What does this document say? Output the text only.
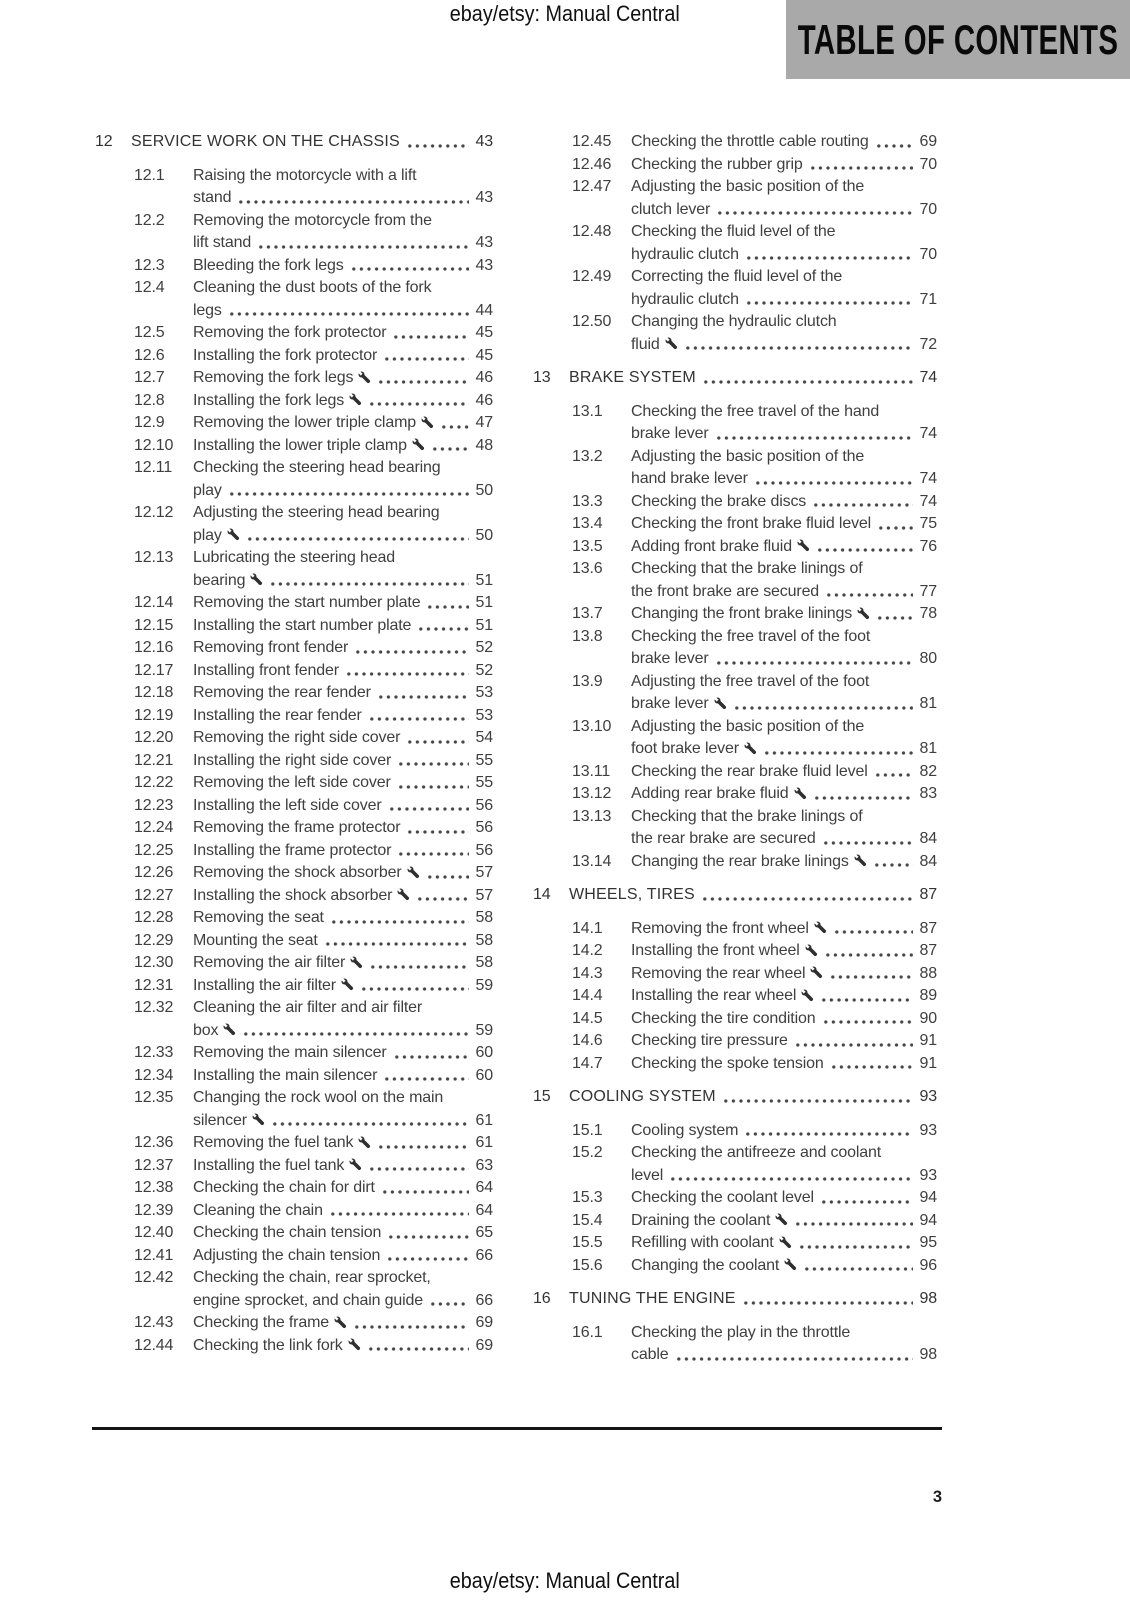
ebay/etsy: Manual Central
TABLE OF CONTENTS
12	SERVICE WORK ON THE CHASSIS	43
12.1	Raising the motorcycle with a lift
stand	43
12.2	Removing the motorcycle from the
lift stand	43
12.3	Bleeding the fork legs	43
12.4	Cleaning the dust boots of the fork
legs	44
12.5	Removing the fork protector	45
12.6	Installing the fork protector	45
12.7	Removing the fork legs	46
12.8	Installing the fork legs	46
12.9	Removing the lower triple clamp	47
12.10	Installing the lower triple clamp	48
12.11	Checking the steering head bearing
play	50
12.12	Adjusting the steering head bearing
play	50
12.13	Lubricating the steering head
bearing	51
12.14	Removing the start number plate	51
12.15	Installing the start number plate	51
12.16	Removing front fender	52
12.17	Installing front fender	52
12.18	Removing the rear fender	53
12.19	Installing the rear fender	53
12.20	Removing the right side cover	54
12.21	Installing the right side cover	55
12.22	Removing the left side cover	55
12.23	Installing the left side cover	56
12.24	Removing the frame protector	56
12.25	Installing the frame protector	56
12.26	Removing the shock absorber	57
12.27	Installing the shock absorber	57
12.28	Removing the seat	58
12.29	Mounting the seat	58
12.30	Removing the air filter	58
12.31	Installing the air filter	59
12.32	Cleaning the air filter and air filter
box	59
12.33	Removing the main silencer	60
12.34	Installing the main silencer	60
12.35	Changing the rock wool on the main
silencer	61
12.36	Removing the fuel tank	61
12.37	Installing the fuel tank	63
12.38	Checking the chain for dirt	64
12.39	Cleaning the chain	64
12.40	Checking the chain tension	65
12.41	Adjusting the chain tension	66
12.42	Checking the chain, rear sprocket,
engine sprocket, and chain guide	66
12.43	Checking the frame	69
12.44	Checking the link fork	69
12.45	Checking the throttle cable routing	69
12.46	Checking the rubber grip	70
12.47	Adjusting the basic position of the
clutch lever	70
12.48	Checking the fluid level of the
hydraulic clutch	70
12.49	Correcting the fluid level of the
hydraulic clutch	71
12.50	Changing the hydraulic clutch
fluid	72
13	BRAKE SYSTEM	74
13.1	Checking the free travel of the hand
brake lever	74
13.2	Adjusting the basic position of the
hand brake lever	74
13.3	Checking the brake discs	74
13.4	Checking the front brake fluid level	75
13.5	Adding front brake fluid	76
13.6	Checking that the brake linings of
the front brake are secured	77
13.7	Changing the front brake linings	78
13.8	Checking the free travel of the foot
brake lever	80
13.9	Adjusting the free travel of the foot
brake lever	81
13.10	Adjusting the basic position of the
foot brake lever	81
13.11	Checking the rear brake fluid level	82
13.12	Adding rear brake fluid	83
13.13	Checking that the brake linings of
the rear brake are secured	84
13.14	Changing the rear brake linings	84
14	WHEELS, TIRES	87
14.1	Removing the front wheel	87
14.2	Installing the front wheel	87
14.3	Removing the rear wheel	88
14.4	Installing the rear wheel	89
14.5	Checking the tire condition	90
14.6	Checking tire pressure	91
14.7	Checking the spoke tension	91
15	COOLING SYSTEM	93
15.1	Cooling system	93
15.2	Checking the antifreeze and coolant
level	93
15.3	Checking the coolant level	94
15.4	Draining the coolant	94
15.5	Refilling with coolant	95
15.6	Changing the coolant	96
16	TUNING THE ENGINE	98
16.1	Checking the play in the throttle
cable	98
3
ebay/etsy: Manual Central
